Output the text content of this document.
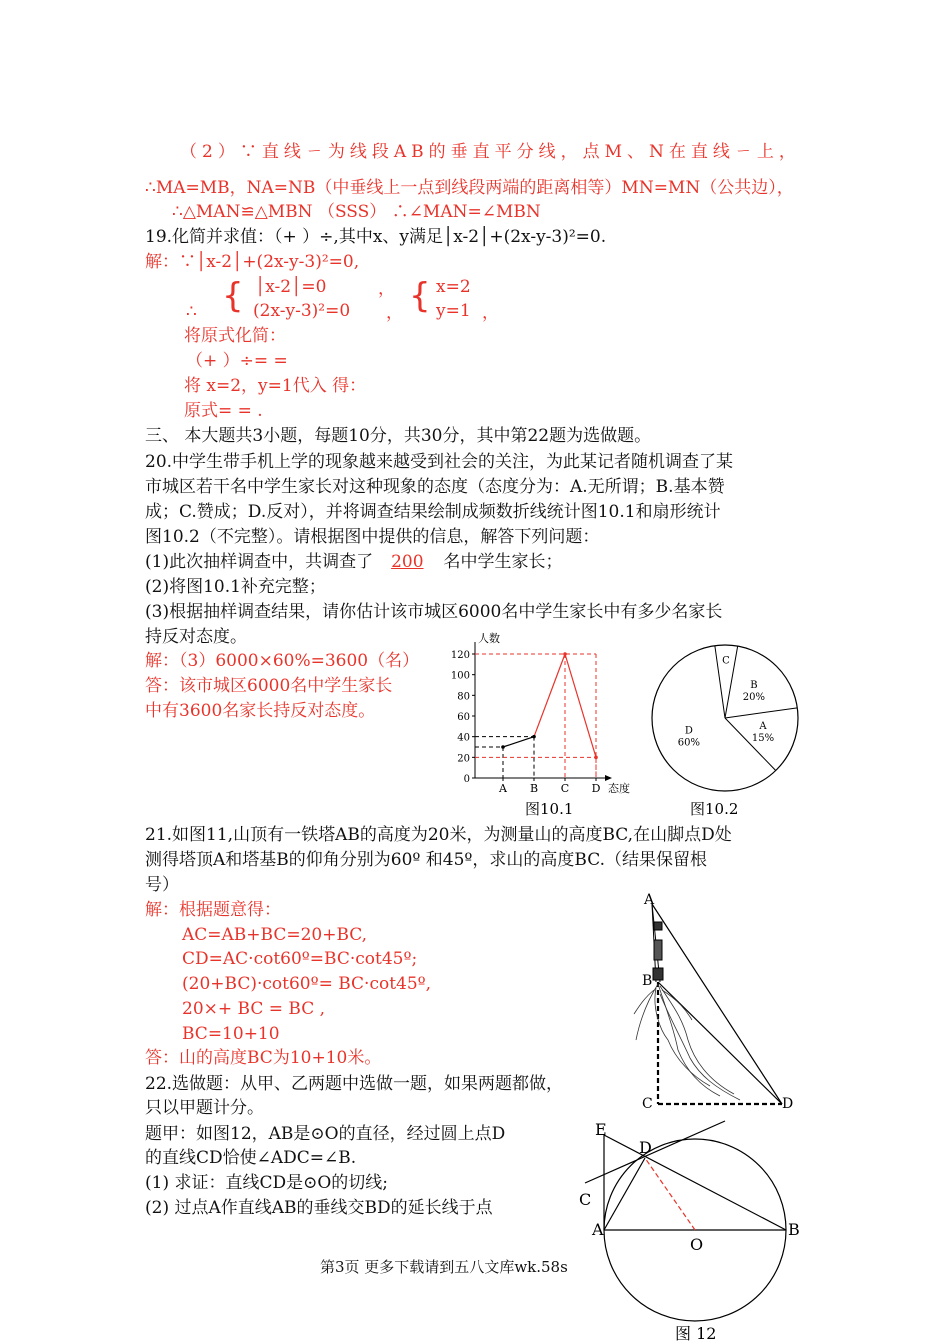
（2）∵直线ㄧ为线段AB的垂直平分线，点M、N在直线ㄧ上，
∴MA=MB，NA=NB（中垂线上一点到线段两端的距离相等）MN=MN（公共边），
∴△MAN≌△MBN （SSS） ∴∠MAN=∠MBN
19.化简并求值：（+ ）÷,其中x、y满足│x-2│+(2x-y-3)²=0.
解：∵│x-2│+(2x-y-3)²=0,
∴ { │x-2│=0
(2x-y-3)²=0
，
， { x=2
y=1 ，
将原式化简：
（+ ）÷= =
将 x=2，y=1代入 得：
原式= = .
三、 本大题共3小题，每题10分，共30分，其中第22题为选做题。
20.中学生带手机上学的现象越来越受到社会的关注，为此某记者随机调查了某
市城区若干名中学生家长对这种现象的态度（态度分为：A.无所谓；B.基本赞
成；C.赞成；D.反对），并将调查结果绘制成频数折线统计图10.1和扇形统计
图10.2（不完整）。请根据图中提供的信息，解答下列问题：
(1)此次抽样调查中，共调查了 200 名中学生家长；
(2)将图10.1补充完整；
(3)根据抽样调查结果，请你估计该市城区6000名中学生家长中有多少名家长
持反对态度。
解：（3）6000×60%=3600（名）
答：该市城区6000名中学生家长
中有3600名家长持反对态度。
人数
态度
0
20
40
60
80
100
120
A B C D
图10.1
A
15%
D
60%
C
B
20%
图10.2
21.如图11,山顶有一铁塔AB的高度为20米，为测量山的高度BC,在山脚点D处
测得塔顶A和塔基B的仰角分别为60º 和45º，求山的高度BC.（结果保留根
号）
解：根据题意得：
AC=AB+BC=20+BC,
CD=AC·cot60º=BC·cot45º;
(20+BC)·cot60º= BC·cot45º,
20×+ BC = BC ,
BC=10+10
答：山的高度BC为10+10米。
A
B
C	D
22.选做题：从甲、乙两题中选做一题，如果两题都做，
只以甲题计分。
题甲：如图12，AB是⊙O的直径，经过圆上点D
的直线CD恰使∠ADC=∠B.
(1) 求证：直线CD是⊙O的切线;
(2) 过点A作直线AB的垂线交BD的延长线于点
E
D
C
A
O
B
图 12
第3页 更多下载请到五八文库wk.58s
